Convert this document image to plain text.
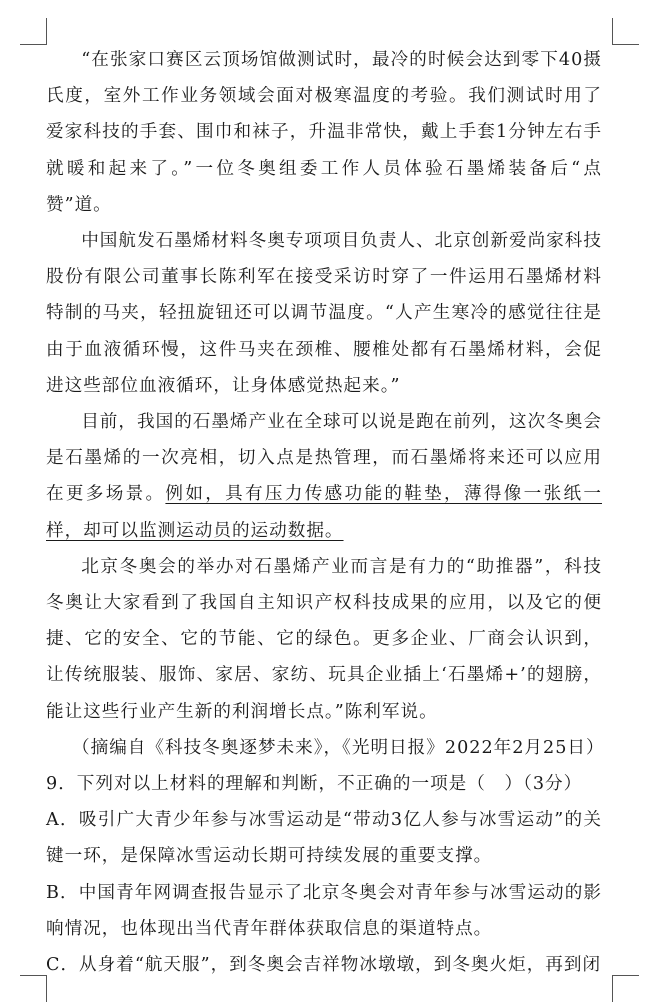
“在张家口赛区云顶场馆做测试时，最冷的时候会达到零下40摄氏度，室外工作业务领域会面对极寒温度的考验。我们测试时用了爱家科技的手套、围巾和袜子，升温非常快，戴上手套1分钟左右手就暖和起来了。”一位冬奥组委工作人员体验石墨烯装备后“点赞”道。

中国航发石墨烯材料冬奥专项项目负责人、北京创新爱尚家科技股份有限公司董事长陈利军在接受采访时穿了一件运用石墨烯材料特制的马夹，轻扭旋钮还可以调节温度。“人产生寒冷的感觉往往是由于血液循环慢，这件马夹在颈椎、腰椎处都有石墨烯材料，会促进这些部位血液循环，让身体感觉热起来。”

目前，我国的石墨烯产业在全球可以说是跑在前列，这次冬奥会是石墨烯的一次亮相，切入点是热管理，而石墨烯将来还可以应用在更多场景。例如，具有压力传感功能的鞋垫，薄得像一张纸一样，却可以监测运动员的运动数据。

北京冬奥会的举办对石墨烯产业而言是有力的“助推器”，科技冬奥让大家看到了我国自主知识产权科技成果的应用，以及它的便捷、它的安全、它的节能、它的绿色。更多企业、厂商会认识到，让传统服装、服饰、家居、家纺、玩具企业插上‘石墨烯+’的翅膀，能让这些行业产生新的利润增长点。”陈利军说。

（摘编自《科技冬奥逐梦未来》，《光明日报》2022年2月25日）

9．下列对以上材料的理解和判断，不正确的一项是（　）（3分）

A．吸引广大青少年参与冰雪运动是“带动3亿人参与冰雪运动”的关键一环，是保障冰雪运动长期可持续发展的重要支撑。

B．中国青年网调查报告显示了北京冬奥会对青年参与冰雪运动的影响情况，也体现出当代青年群体获取信息的渠道特点。

C．从身着“航天服”，到冬奥会吉祥物冰墩墩，到冬奥火炬，再到闭
